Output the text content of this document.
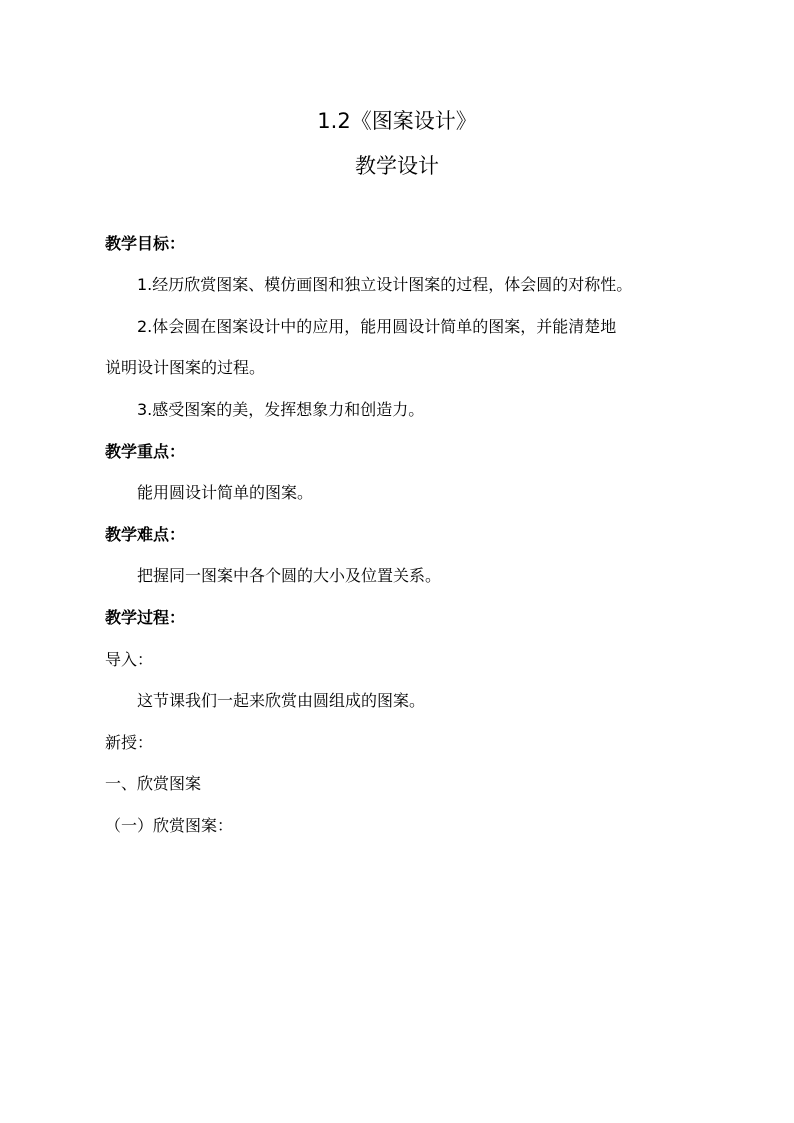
1.2《图案设计》
教学设计
教学目标：
1.经历欣赏图案、模仿画图和独立设计图案的过程，体会圆的对称性。
2.体会圆在图案设计中的应用，能用圆设计简单的图案，并能清楚地
说明设计图案的过程。
3.感受图案的美，发挥想象力和创造力。
教学重点：
能用圆设计简单的图案。
教学难点：
把握同一图案中各个圆的大小及位置关系。
教学过程：
导入：
这节课我们一起来欣赏由圆组成的图案。
新授：
一、欣赏图案
（一）欣赏图案：
